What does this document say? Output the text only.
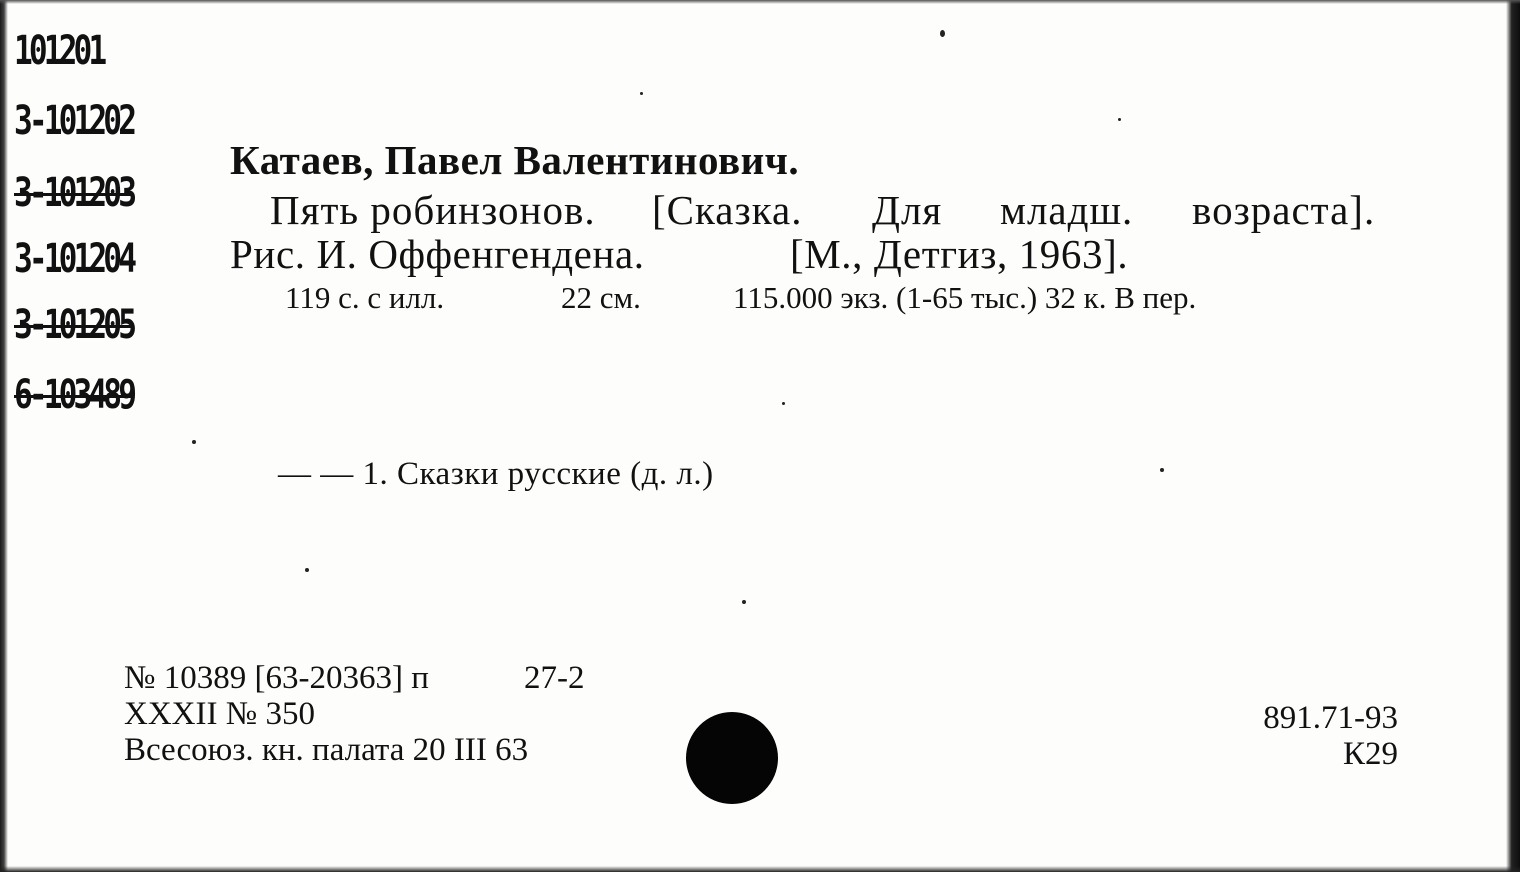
101201
3-101202
3-101203
3-101204
3-101205
6-103489
Катаев, Павел Валентинович.
Пять робинзонов. [Сказка. Для младш. возраста].
Рис. И. Оффенгендена.	[М., Детгиз, 1963].
119 с. с илл.	22 см.	115.000 экз. (1-65 тыс.) 32 к. В пер.
— — 1. Сказки русские (д. л.)
№ 10389 [63-20363] п	27-2
XXXII № 350
Всесоюз. кн. палата 20 III 63
891.71-93
К29
